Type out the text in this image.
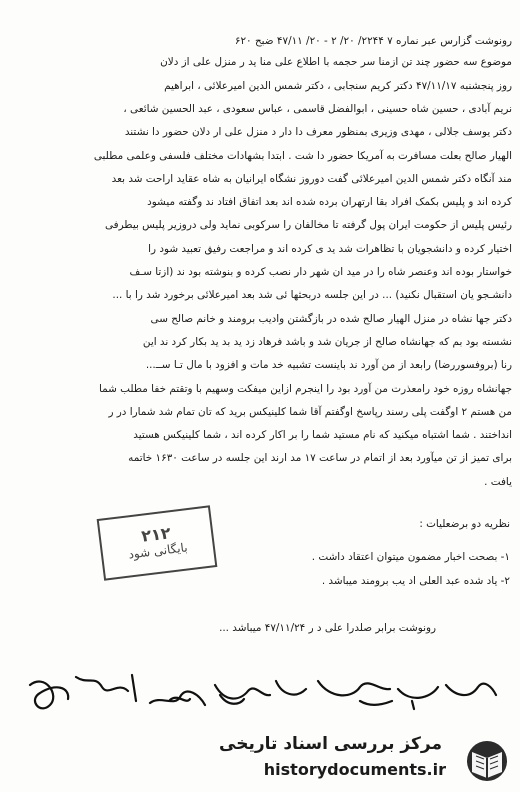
رونوشت گزارس عبر نماره ۷ ۲۲۴۴/ ۲۰/ ۲ - ۲۰/ ۴۷/۱۱ ضبح ۶۲۰
موضوع سه حضور چند تن ازمنا سر حجمه با اطلاع علی منا ید ر منزل علی از دلان
روز پنجشنبه ۴۷/۱۱/۱۷ دکتر کریم سنجابی ، دکتر شمس الدین امیرعلائی ، ابراهیم
نریم آبادی ، حسین شاه حسینی ، ابوالفضل قاسمی ، عباس سعودی ، عبد الحسین شائعی ،
دکتر یوسف جلالی ، مهدی وزیری بمنظور معرف دا دار د منزل علی ار دلان حضور دا نشتند
الهیار صالح بعلت مسافرت به آمریکا حضور دا شت . ابتدا بشهادات مختلف فلسفی وعلمی مطلبی
مند آنگاه دکتر شمس الدین امیرعلائی گفت دوروز نشگاه ایرانیان به شاه عقاید اراحت شد بعد
کرده اند و پلیس بکمک افراد بقا ارتهران برده شده اند بعد اتفاق افتاد ند وگفته میشود
رئیس پلیس از حکومت ایران پول گرفته تا مخالفان را سرکوبی نماید ولی دروزیر پلیس بیطرفی
اختیار کرده و دانشجویان با تظاهرات شد ید ی کرده اند و مراجعت رفیق تعبید شود را
خواستار بوده اند وعنصر شاه را در مید ان شهر دار نصب کرده و بنوشته بود ند (ازتا سـف
دانشـجو یان استقبال نکنید) ... در این جلسه دربحثها ئی شد بعد امیرعلائی برخورد شد را با ...
دکتر جها نشاه در منزل الهیار صالح شده در بازگشتن وادیب برومند و خانم صالح سی
نشسته بود بم که جهانشاه صالح از جریان شد و باشد فرهاد زد ید بد ید بکار کرد ند این
رنا (بروفسوررضا) رابعد از من آورد ند باینست تشبیه خد مات و افزود با مال تـا ســ...
جهانشاه روزه خود رامعذرت من آورد بود را اینجرم ازاین میفکت وسهیم با وتقتم خفا مطلب شما
من هستم ۲ اوگفت پلی رسند رپاسخ اوگفتم آقا شما کلینیکس برید که تان تمام شد شمارا در ر
انداختند . شما اشتباه میکنید که نام مستید شما را بر اکار کرده اند ، شما کلینیکس هستید
برای تمیز از تن میآورد بعد از اتمام در ساعت ۱۷ مد ارند این جلسه در ساعت ۱۶۳۰ خاتمه
یافت .
نظریه دو برضعلیات :
۱- بصحت اخبار مضمون میتوان اعتقاد داشت .
۲- یاد شده عبد العلی اد یب برومند میباشد .
رونوشت برابر صلدرا علی د ر ۴۷/۱۱/۲۴ میباشد ...
۲۱۲
بایگانی شود
مرکز بررسی اسناد تاریخی
historydocuments.ir
